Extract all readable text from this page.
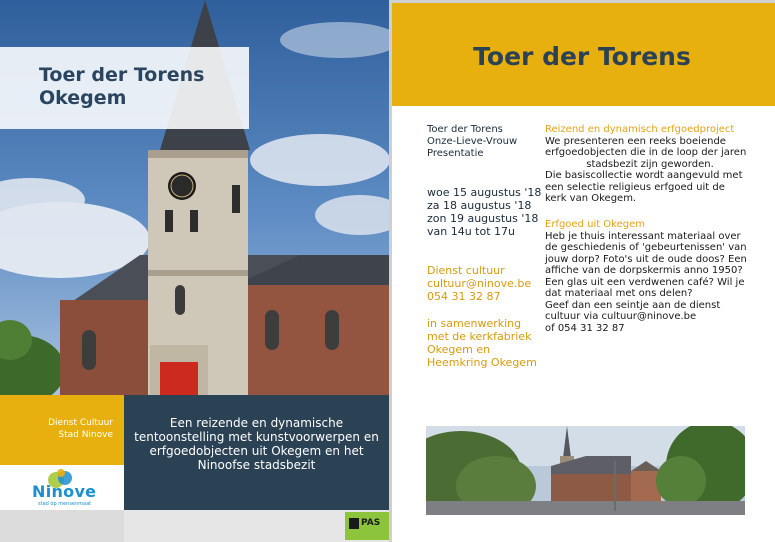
Toer der Torens
Okegem
Dienst Cultuur
Stad Ninove
Ninove
stad op mensenmaat
Een reizende en dynamische tentoonstelling met kunstvoorwerpen en erfgoedobjecten uit Okegem en het Ninoofse stadsbezit
PAS
Toer der Torens
Toer der Torens
Onze-Lieve-Vrouw
Presentatie
woe 15 augustus '18
za 18 augustus '18
zon 19 augustus '18
van 14u tot 17u
Dienst cultuur
cultuur@ninove.be
054 31 32 87
in samenwerking
met de kerkfabriek
Okegem en
Heemkring Okegem
Reizend en dynamisch erfgoedproject
We presenteren een reeks boeiende
erfgoedobjecten die in de loop der jaren
stadsbezit zijn geworden.
Die basiscollectie wordt aangevuld met
een selectie religieus erfgoed uit de
kerk van Okegem.
Erfgoed uit Okegem
Heb je thuis interessant materiaal over
de geschiedenis of 'gebeurtenissen' van
jouw dorp? Foto's uit de oude doos? Een
affiche van de dorpskermis anno 1950?
Een glas uit een verdwenen café? Wil je
dat materiaal met ons delen?
Geef dan een seintje aan de dienst
cultuur via cultuur@ninove.be
of 054 31 32 87
